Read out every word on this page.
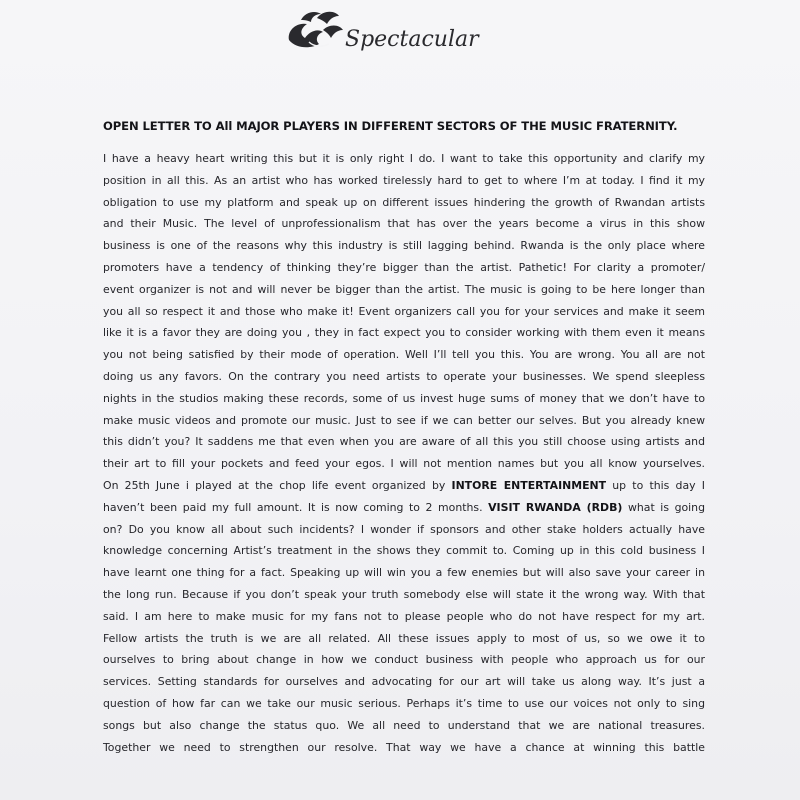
Spectacular
OPEN LETTER TO All MAJOR PLAYERS IN DIFFERENT SECTORS OF THE MUSIC FRATERNITY.
I have a heavy heart writing this but it is only right I do. I want to take this opportunity and clarify my
position in all this. As an artist who has worked tirelessly hard to get to where I’m at today. I find it my
obligation to use my platform and speak up on different issues hindering the growth of Rwandan artists
and their Music. The level of unprofessionalism that has over the years become a virus in this show
business is one of the reasons why this industry is still lagging behind. Rwanda is the only place where
promoters have a tendency of thinking they’re bigger than the artist. Pathetic! For clarity a promoter/
event organizer is not and will never be bigger than the artist. The music is going to be here longer than
you all so respect it and those who make it! Event organizers call you for your services and make it seem
like it is a favor they are doing you , they in fact expect you to consider working with them even it means
you not being satisfied by their mode of operation. Well I’ll tell you this. You are wrong. You all are not
doing us any favors. On the contrary you need artists to operate your businesses. We spend sleepless
nights in the studios making these records, some of us invest huge sums of money that we don’t have to
make music videos and promote our music. Just to see if we can better our selves. But you already knew
this didn’t you? It saddens me that even when you are aware of all this you still choose using artists and
their art to fill your pockets and feed your egos. I will not mention names but you all know yourselves.
On 25th June i played at the chop life event organized by INTORE ENTERTAINMENT up to this day I
haven’t been paid my full amount. It is now coming to 2 months. VISIT RWANDA (RDB) what is going
on? Do you know all about such incidents? I wonder if sponsors and other stake holders actually have
knowledge concerning Artist’s treatment in the shows they commit to. Coming up in this cold business I
have learnt one thing for a fact. Speaking up will win you a few enemies but will also save your career in
the long run. Because if you don’t speak your truth somebody else will state it the wrong way. With that
said. I am here to make music for my fans not to please people who do not have respect for my art.
Fellow artists the truth is we are all related. All these issues apply to most of us, so we owe it to
ourselves to bring about change in how we conduct business with people who approach us for our
services. Setting standards for ourselves and advocating for our art will take us along way. It’s just a
question of how far can we take our music serious. Perhaps it’s time to use our voices not only to sing
songs but also change the status quo. We all need to understand that we are national treasures.
Together we need to strengthen our resolve. That way we have a chance at winning this battle
